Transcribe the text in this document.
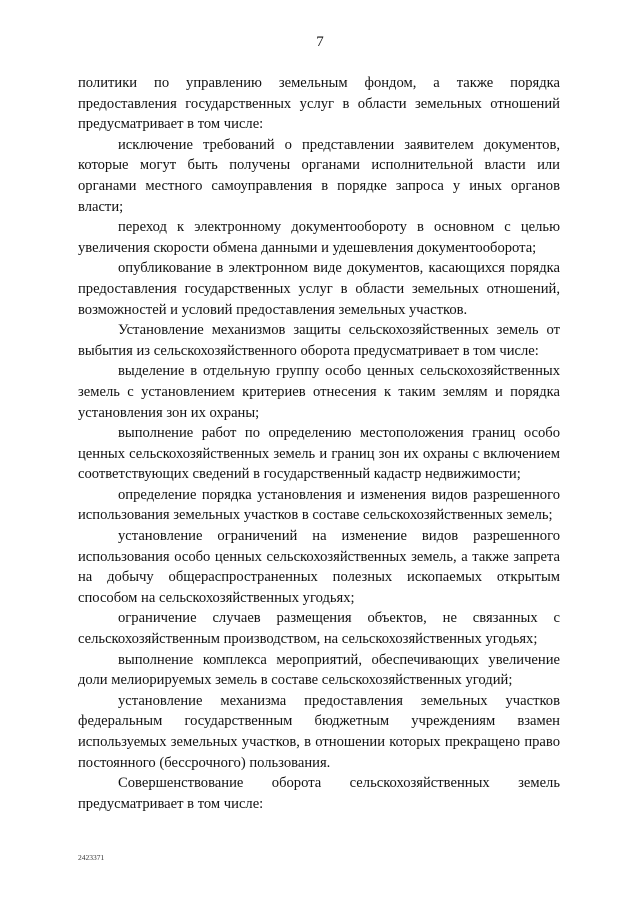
7

политики по управлению земельным фондом, а также порядка предоставления государственных услуг в области земельных отношений предусматривает в том числе:

исключение требований о представлении заявителем документов, которые могут быть получены органами исполнительной власти или органами местного самоуправления в порядке запроса у иных органов власти;

переход к электронному документообороту в основном с целью увеличения скорости обмена данными и удешевления документооборота;

опубликование в электронном виде документов, касающихся порядка предоставления государственных услуг в области земельных отношений, возможностей и условий предоставления земельных участков.

Установление механизмов защиты сельскохозяйственных земель от выбытия из сельскохозяйственного оборота предусматривает в том числе:

выделение в отдельную группу особо ценных сельскохозяйственных земель с установлением критериев отнесения к таким землям и порядка установления зон их охраны;

выполнение работ по определению местоположения границ особо ценных сельскохозяйственных земель и границ зон их охраны с включением соответствующих сведений в государственный кадастр недвижимости;

определение порядка установления и изменения видов разрешенного использования земельных участков в составе сельскохозяйственных земель;

установление ограничений на изменение видов разрешенного использования особо ценных сельскохозяйственных земель, а также запрета на добычу общераспространенных полезных ископаемых открытым способом на сельскохозяйственных угодьях;

ограничение случаев размещения объектов, не связанных с сельскохозяйственным производством, на сельскохозяйственных угодьях;

выполнение комплекса мероприятий, обеспечивающих увеличение доли мелиорируемых земель в составе сельскохозяйственных угодий;

установление механизма предоставления земельных участков федеральным государственным бюджетным учреждениям взамен используемых земельных участков, в отношении которых прекращено право постоянного (бессрочного) пользования.

Совершенствование оборота сельскохозяйственных земель предусматривает в том числе:

2423371
